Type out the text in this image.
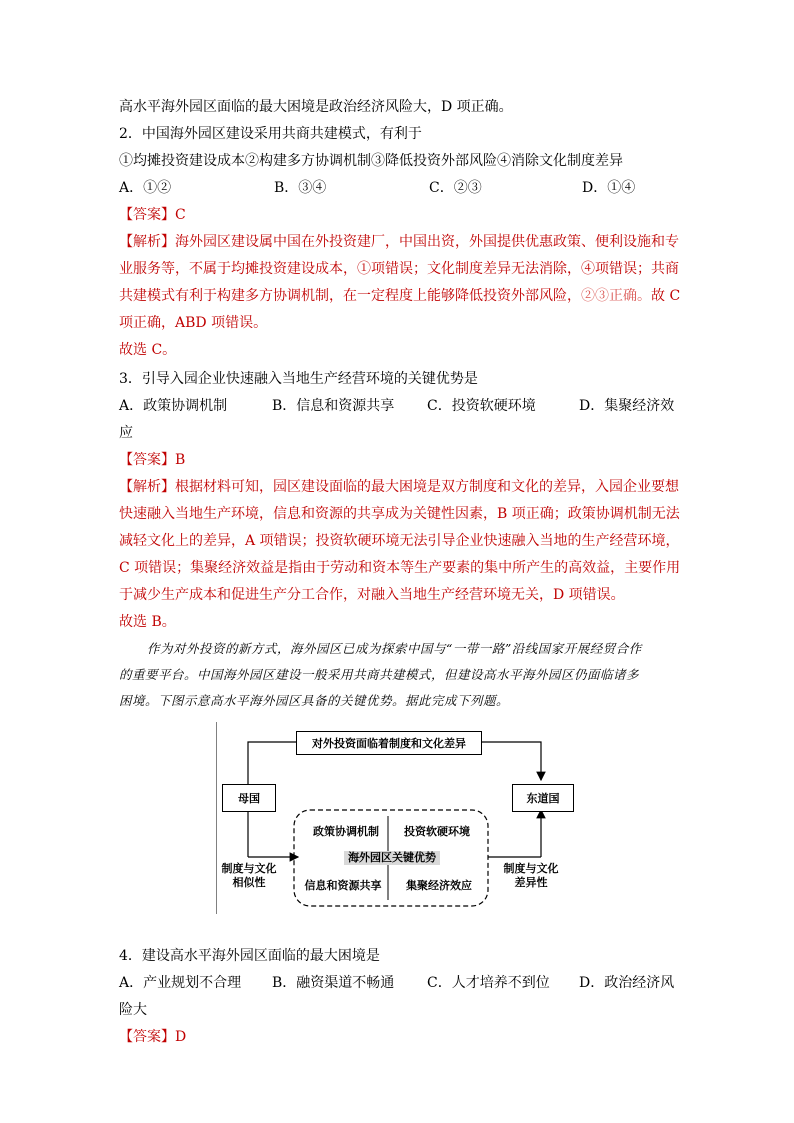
高水平海外园区面临的最大困境是政治经济风险大，D 项正确。
2．中国海外园区建设采用共商共建模式，有利于
①均摊投资建设成本②构建多方协调机制③降低投资外部风险④消除文化制度差异
A．①②	B．③④	C．②③	D．①④
【答案】C
【解析】海外园区建设属中国在外投资建厂，中国出资，外国提供优惠政策、便利设施和专
业服务等，不属于均摊投资建设成本，①项错误；文化制度差异无法消除，④项错误；共商
共建模式有利于构建多方协调机制，在一定程度上能够降低投资外部风险，②③正确。故 C
项正确，ABD 项错误。
故选 C。
3．引导入园企业快速融入当地生产经营环境的关键优势是
A．政策协调机制	B．信息和资源共享 C．投资软硬环境	D．集聚经济效
应
【答案】B
【解析】根据材料可知，园区建设面临的最大困境是双方制度和文化的差异，入园企业要想
快速融入当地生产环境，信息和资源的共享成为关键性因素，B 项正确；政策协调机制无法
减轻文化上的差异，A 项错误；投资软硬环境无法引导企业快速融入当地的生产经营环境，
C 项错误；集聚经济效益是指由于劳动和资本等生产要素的集中所产生的高效益，主要作用
于减少生产成本和促进生产分工合作，对融入当地生产经营环境无关，D 项错误。
故选 B。

作为对外投资的新方式，海外园区已成为探索中国与“一带一路”沿线国家开展经贸合作

的重要平台。中国海外园区建设一般采用共商共建模式，但建设高水平海外园区仍面临诸多

困境。下图示意高水平海外园区具备的关键优势。据此完成下列题。

对外投资面临着制度和文化差异
母国	东道国
政策协调机制	投资软硬环境
信息和资源共享	集聚经济效应
海外园区关键优势
制度与文化
相似性
制度与文化
差异性
4．建设高水平海外园区面临的最大困境是
A．产业规划不合理 B．融资渠道不畅通 C．人才培养不到位 D．政治经济风
险大
【答案】D
